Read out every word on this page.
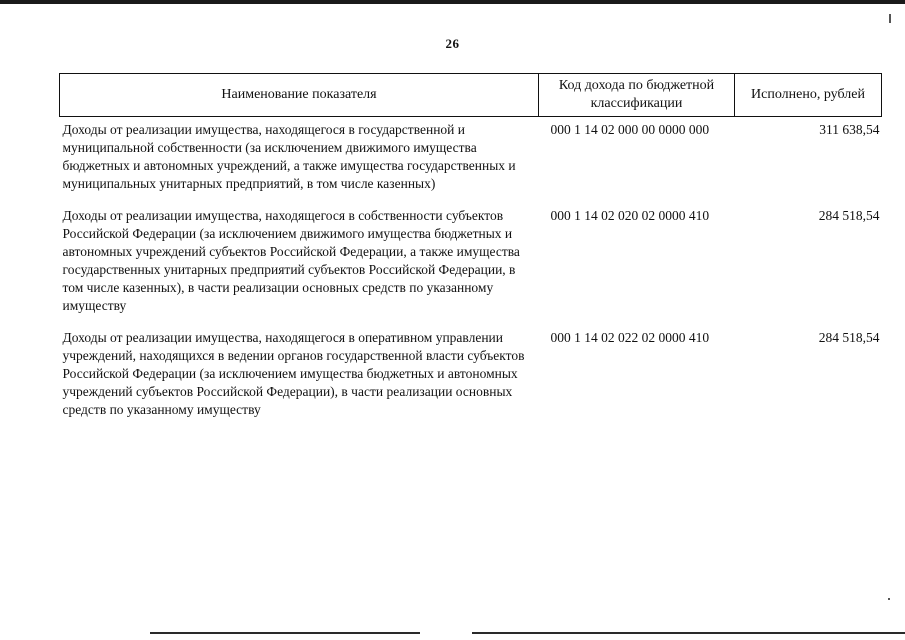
26
Наименование показателя	Код дохода по бюджетной классификации	Исполнено, рублей
Доходы от реализации имущества, находящегося в государственной и муниципальной собственности (за исключением движимого имущества бюджетных и автономных учреждений, а также имущества государственных и муниципальных унитарных предприятий, в том числе казенных)	000 1 14 02 000 00 0000 000	311 638,54
Доходы от реализации имущества, находящегося в собственности субъектов Российской Федерации (за исключением движимого имущества бюджетных и автономных учреждений субъектов Российской Федерации, а также имущества государственных унитарных предприятий субъектов Российской Федерации, в том числе казенных), в части реализации основных средств по указанному имуществу	000 1 14 02 020 02 0000 410	284 518,54
Доходы от реализации имущества, находящегося в оперативном управлении учреждений, находящихся в ведении органов государственной власти субъектов Российской Федерации (за исключением имущества бюджетных и автономных учреждений субъектов Российской Федерации), в части реализации основных средств по указанному имуществу	000 1 14 02 022 02 0000 410	284 518,54
